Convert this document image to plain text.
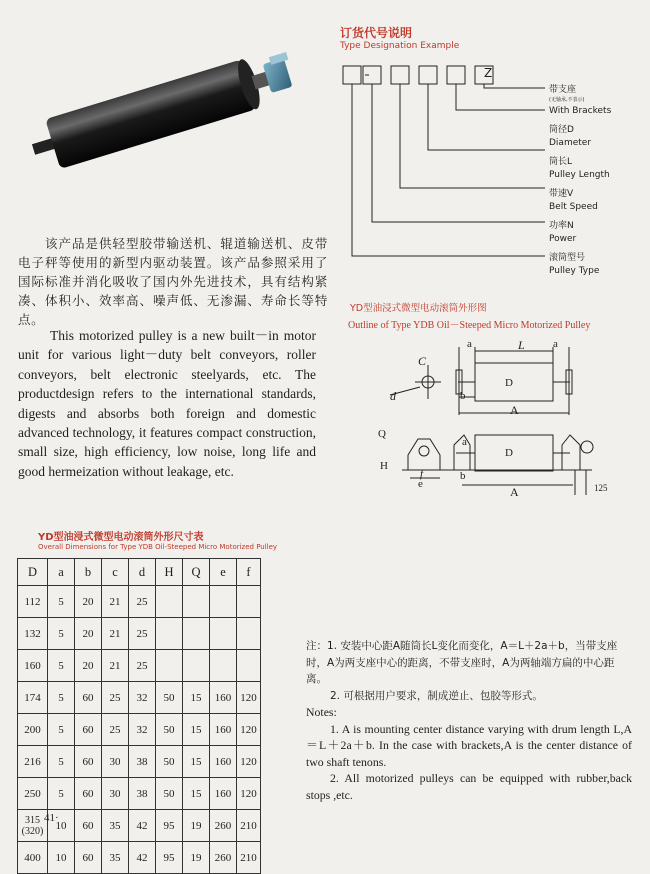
订货代号说明
Type Designation Example
Z
带支座
(无轴承,不表示)
With Brackets
筒径D
Diameter
筒长L
Pulley Length
带速V
Belt Speed
功率N
Power
滚筒型号
Pulley Type
该产品是供轻型胶带输送机、辊道输送机、皮带电子秤等使用的新型内驱动装置。该产品参照采用了国际标准并消化吸收了国内外先进技术，具有结构紧凑、体积小、效率高、噪声低、无渗漏、寿命长等特点。
This motorized pulley is a new built－in motor unit for various light－duty belt conveyors, roller conveyors, belt electronic steelyards, etc. The productdesign refers to the international standards, digests and absorbs both foreign and domestic advanced technology, it features compact construction, small size, high efficiency, low noise, long life and good hermeization without leakage, etc.
YD型油浸式微型电动滚筒外形图
Outline of Type YDB Oil－Steeped Micro Motorized Pulley
a	L	a
C
d	b
D
A
Q
a
H
D
f	b
e
A	125
YD型油浸式微型电动滚筒外形尺寸表
Overall Dimensions for Type YDB Oil-Steeped Micro Motorized Pulley
D	a	b	c	d	H	Q	e	f
112	5	20	21	25				
132	5	20	21	25				
160	5	20	21	25				
174	5	60	25	32	50	15	160	120
200	5	60	25	32	50	15	160	120
216	5	60	30	38	50	15	160	120
250	5	60	30	38	50	15	160	120
315
(320)	10	60	35	42	95	19	260	210
400	10	60	35	42	95	19	260	210
注：1. 安装中心距A随筒长L变化而变化，A＝L＋2a＋b，当带支座时，A为两支座中心的距离，不带支座时，A为两轴端方扁的中心距离。
2. 可根据用户要求，制成逆止、包胶等形式。
Notes:
1. A is mounting center distance varying with drum length L,A＝L＋2a＋b. In the case with brackets,A is the center distance of two shaft tenons.
2. All motorized pulleys can be equipped with rubber,back stops ,etc.
41·
